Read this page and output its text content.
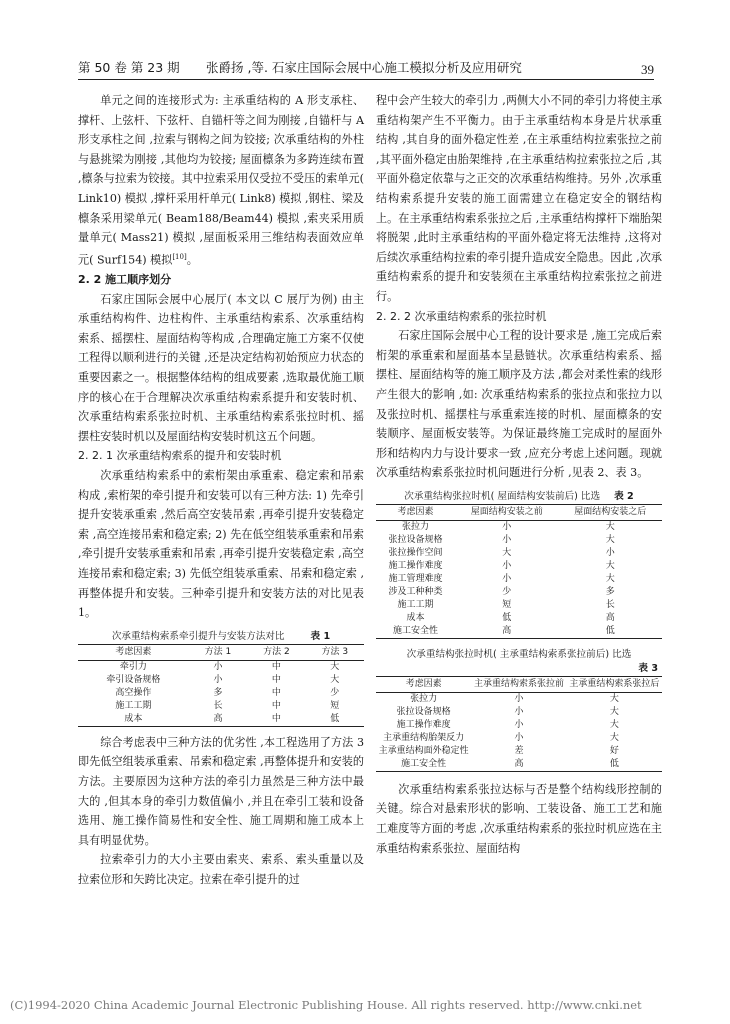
第 50 卷 第 23 期 张爵扬 ,等. 石家庄国际会展中心施工模拟分析及应用研究	39

单元之间的连接形式为: 主承重结构的 A 形支承柱、撑杆、上弦杆、下弦杆、自锚杆等之间为刚接 ,自锚杆与 A 形支承柱之间 ,拉索与钢构之间为铰接; 次承重结构的外柱与悬挑梁为刚接 ,其他均为铰接; 屋面檩条为多跨连续布置 ,檩条与拉索为铰接。其中拉索采用仅受拉不受压的索单元( Link10) 模拟 ,撑杆采用杆单元( Link8) 模拟 ,钢柱、梁及檩条采用梁单元( Beam188/Beam44) 模拟 ,索夹采用质量单元( Mass21) 模拟 ,屋面板采用三维结构表面效应单元( Surf154) 模拟[10]。

2. 2 施工顺序划分

石家庄国际会展中心展厅( 本文以 C 展厅为例) 由主承重结构构件、边柱构件、主承重结构索系、次承重结构索系、摇摆柱、屋面结构等构成 ,合理确定施工方案不仅使工程得以顺利进行的关键 ,还是决定结构初始预应力状态的重要因素之一。根据整体结构的组成要素 ,选取最优施工顺序的核心在于合理解决次承重结构索系提升和安装时机、次承重结构索系张拉时机、主承重结构索系张拉时机、摇摆柱安装时机以及屋面结构安装时机这五个问题。

2. 2. 1 次承重结构索系的提升和安装时机

次承重结构索系中的索桁架由承重索、稳定索和吊索构成 ,索桁架的牵引提升和安装可以有三种方法: 1) 先牵引提升安装承重索 ,然后高空安装吊索 ,再牵引提升安装稳定索 ,高空连接吊索和稳定索; 2) 先在低空组装承重索和吊索 ,牵引提升安装承重索和吊索 ,再牵引提升安装稳定索 ,高空连接吊索和稳定索; 3) 先低空组装承重索、吊索和稳定索 ,再整体提升和安装。三种牵引提升和安装方法的对比见表 1。

次承重结构索系牵引提升与安装方法对比	表 1
考虑因素	方法 1	方法 2	方法 3
牵引力	小	中	大
牵引设备规格	小	中	大
高空操作	多	中	少
施工工期	长	中	短
成本	高	中	低

综合考虑表中三种方法的优劣性 ,本工程选用了方法 3 即先低空组装承重索、吊索和稳定索 ,再整体提升和安装的方法。主要原因为这种方法的牵引力虽然是三种方法中最大的 ,但其本身的牵引力数值偏小 ,并且在牵引工装和设备选用、施工操作简易性和安全性、施工周期和施工成本上具有明显优势。

拉索牵引力的大小主要由索夹、索系、索头重量以及拉索位形和矢跨比决定。拉索在牵引提升的过

程中会产生较大的牵引力 ,两侧大小不同的牵引力将使主承重结构架产生不平衡力。由于主承重结构本身是片状承重结构 ,其自身的面外稳定性差 ,在主承重结构拉索张拉之前 ,其平面外稳定由胎架维持 ,在主承重结构拉索张拉之后 ,其平面外稳定依靠与之正交的次承重结构维持。另外 ,次承重结构索系提升安装的施工面需建立在稳定安全的钢结构上。在主承重结构索系张拉之后 ,主承重结构撑杆下端胎架将脱架 ,此时主承重结构的平面外稳定将无法维持 ,这将对后续次承重结构拉索的牵引提升造成安全隐患。因此 ,次承重结构索系的提升和安装须在主承重结构拉索张拉之前进行。

2. 2. 2 次承重结构索系的张拉时机

石家庄国际会展中心工程的设计要求是 ,施工完成后索桁架的承重索和屋面基本呈悬链状。次承重结构索系、摇摆柱、屋面结构等的施工顺序及方法 ,都会对柔性索的线形产生很大的影响 ,如: 次承重结构索系的张拉点和张拉力以及张拉时机、摇摆柱与承重索连接的时机、屋面檩条的安装顺序、屋面板安装等。为保证最终施工完成时的屋面外形和结构内力与设计要求一致 ,应充分考虑上述问题。现就次承重结构索系张拉时机问题进行分析 ,见表 2、表 3。

次承重结构张拉时机( 屋面结构安装前后) 比选 表 2
考虑因素	屋面结构安装之前	屋面结构安装之后
张拉力	小	大
张拉设备规格	小	大
张拉操作空间	大	小
施工操作难度	小	大
施工管理难度	小	大
涉及工种种类	少	多
施工工期	短	长
成本	低	高
施工安全性	高	低
次承重结构张拉时机( 主承重结构索系张拉前后) 比选
表 3
考虑因素	主承重结构索系张拉前	主承重结构索系张拉后
张拉力	小	大
张拉设备规格	小	大
施工操作难度	小	大
主承重结构胎架反力	小	大
主承重结构面外稳定性	差	好
施工安全性	高	低

次承重结构索系张拉达标与否是整个结构线形控制的关键。综合对悬索形状的影响、工装设备、施工工艺和施工难度等方面的考虑 ,次承重结构索系的张拉时机应选在主承重结构索系张拉、屋面结构

(C)1994-2020 China Academic Journal Electronic Publishing House. All rights reserved. http://www.cnki.net
